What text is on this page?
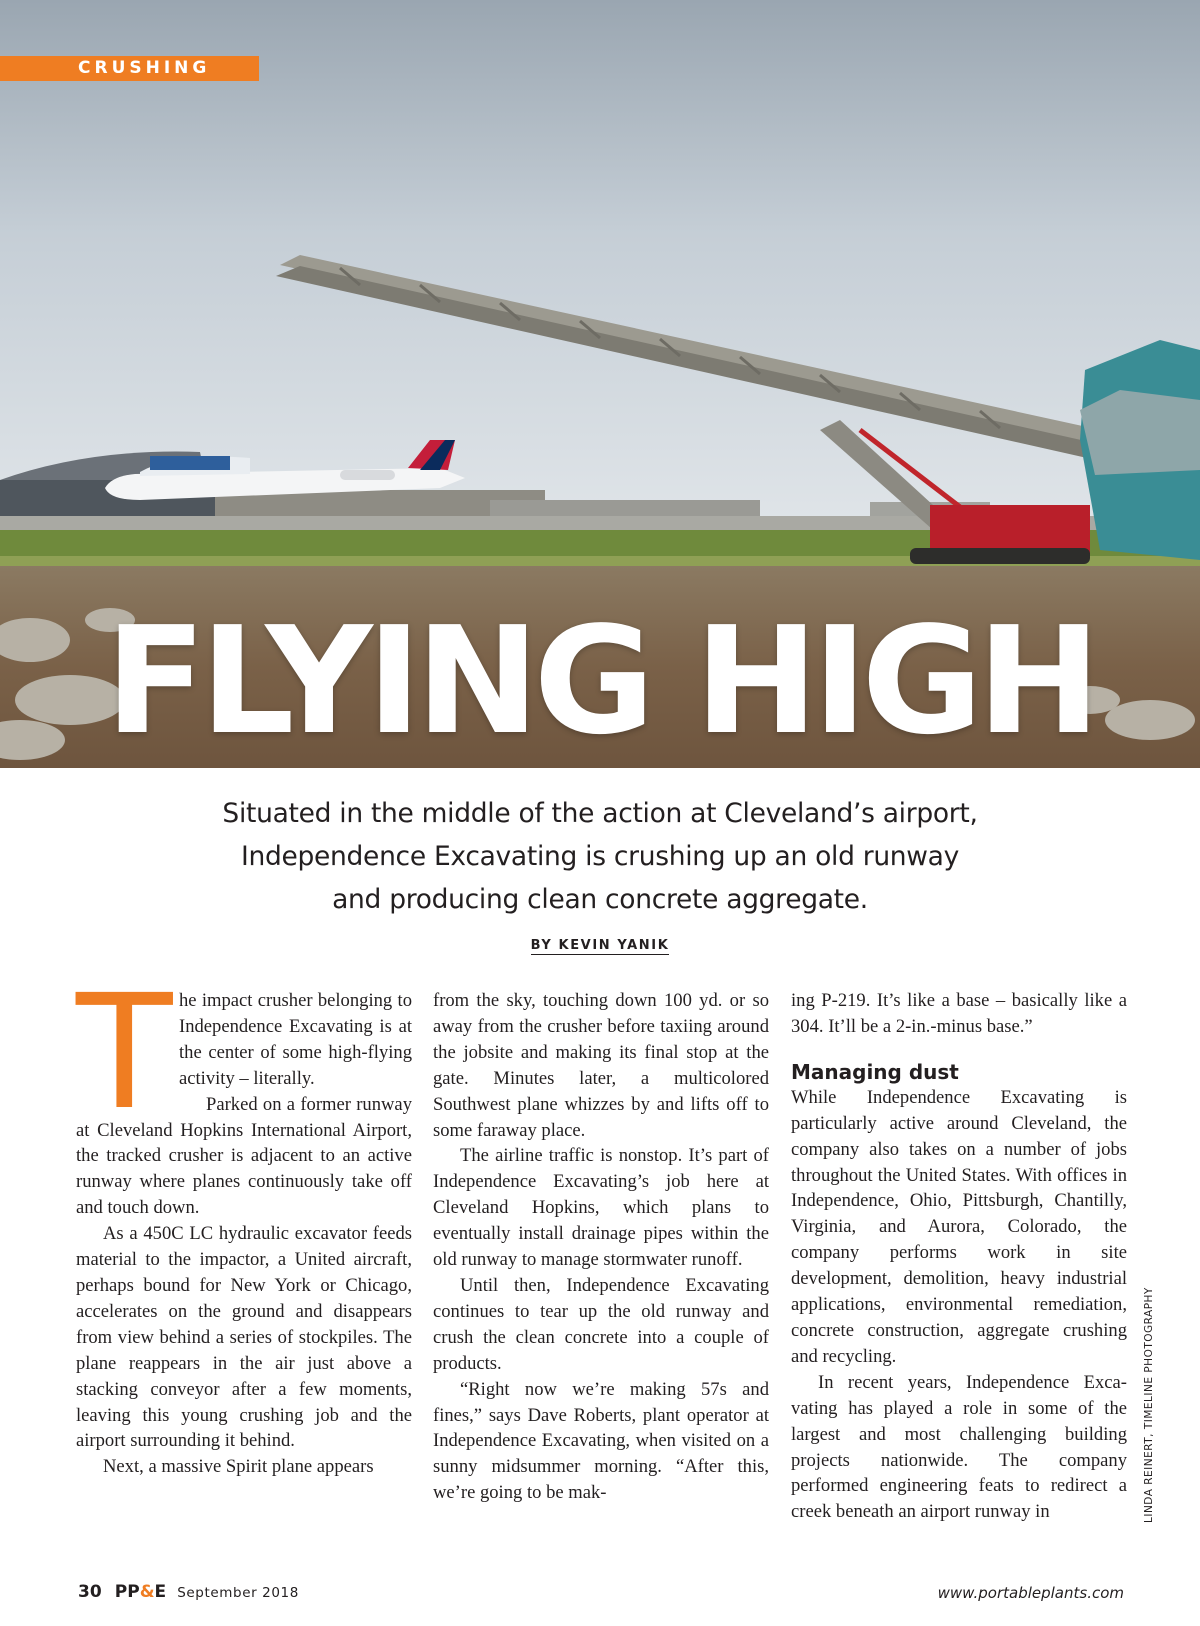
CRUSHING
FLYING HIGH
Situated in the middle of the action at Cleveland’s airport,
Independence Excavating is crushing up an old runway
and producing clean concrete aggregate.
BY KEVIN YANIK
T he impact crusher belonging to Independence Excavating is at the center of some high-flying activity – literally.

Parked on a former runway at Cleveland Hopkins International Airport, the tracked crusher is adjacent to an active runway where planes continuously take off and touch down.

As a 450C LC hydraulic excavator feeds material to the impactor, a United aircraft, perhaps bound for New York or Chicago, accelerates on the ground and disappears from view behind a series of stockpiles. The plane reappears in the air just above a stacking conveyor after a few moments, leaving this young crushing job and the airport surrounding it behind.

Next, a massive Spirit plane appears

from the sky, touching down 100 yd. or so away from the crusher before taxiing around the jobsite and making its final stop at the gate. Minutes later, a multicolored Southwest plane whizzes by and lifts off to some faraway place.

The airline traffic is nonstop. It’s part of Independence Excavating’s job here at Cleveland Hopkins, which plans to eventually install drainage pipes within the old runway to manage stormwater runoff.

Until then, Independence Excavating continues to tear up the old runway and crush the clean concrete into a couple of products.

“Right now we’re making 57s and fines,” says Dave Roberts, plant operator at Independence Excavating, when visited on a sunny midsummer morning. “After this, we’re going to be mak-

ing P-219. It’s like a base – basically like a 304. It’ll be a 2-in.-minus base.”

Managing dust

While Independence Excavating is particularly active around Cleveland, the company also takes on a number of jobs throughout the United States. With offices in Independence, Ohio, Pittsburgh, Chantilly, Virginia, and Aurora, Colorado, the company performs work in site development, demolition, heavy industrial applications, environmental remediation, concrete construction, aggregate crushing and recycling.

In recent years, Independence Excavating has played a role in some of the largest and most challenging building projects nationwide. The company performed engineering feats to redirect a creek beneath an airport runway in	LINDA REINERT, TIMELINE PHOTOGRAPHY
30 PP&E September 2018	www.portableplants.com
